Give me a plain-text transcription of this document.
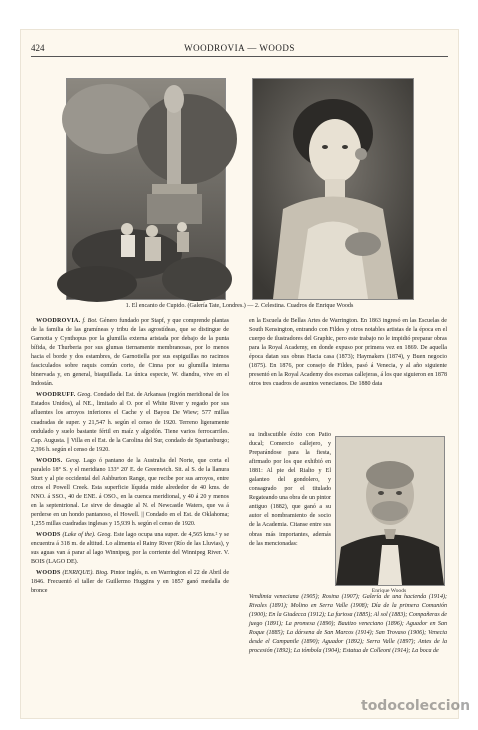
424	WOODROVIA — WOODS
1. El encanto de Cupido. (Galería Tate, Londres.) — 2. Celestina. Cuadros de Enrique Woods

WOODROVIA. f. Bot. Género fundado por Stapf, y que comprende plantas de la familia de las gramíneas y tribu de las agrostídeas, que se distingue de Garnotia y Cynthopus por la glumilla externa aristada por debajo de la punta bífida, de Thurberia por sus glumas tiernamente membranosas, por lo menos hacia el borde y dos estambres, de Garnotiella por sus espiguillas no racimos fasciculados sobre raquis común corto, de Cinna por su glumilla interna binervada y, en general, biaquillada. La única especie, W. diandra, vive en el Indostán.

WOODRUFF. Geog. Condado del Est. de Arkansas (región meridional de los Estados Unidos), al NE., limitado al O. por el White River y regado por sus afluentes los arroyos inferiores el Cache y el Bayou De Wiew; 577 millas cuadradas de super. y 21,547 h. según el censo de 1920. Terreno ligeramente ondulado y suelo bastante fértil en maíz y algodón. Tiene varios ferrocarriles. Cap. Augusta. || Villa en el Est. de la Carolina del Sur, condado de Spartanburgo; 2,396 h. según el censo de 1920.

WOODS. Geog. Lago ó pantano de la Australia del Norte, que corta el paralelo 18° S. y el meridiano 133° 20' E. de Greenwich. Sit. al S. de la llanura Sturt y al pie occidental del Ashburton Range, que recibe por sus arroyos, entre otros el Powell Creek. Esta superficie líquida mide alrededor de 40 kms. de NNO. á SSO., 40 de ENE. á OSO., en la cuenca meridional, y 40 á 20 y menos en la septentrional. Le sirve de desagüe al N. el Newcastle Waters, que va á perderse en un hondo pantanoso, el Howell. || Condado en el Est. de Oklahoma; 1,255 millas cuadradas inglesas y 15,939 h. según el censo de 1920.

WOODS (Lake of the). Geog. Este lago ocupa una super. de 4,565 kms.² y se encuentra á 318 m. de altitud. Lo alimenta el Rainy River (Río de las Lluvias), y sus aguas van á parar al lago Winnipeg, por la corriente del Winnipeg River. V. BOIS (LAGO DE).

WOODS (ENRIQUE). Biog. Pintor inglés, n. en Warrington el 22 de Abril de 1846. Frecuentó el taller de Guillermo Huggins y en 1857 ganó medalla de bronce

en la Escuela de Bellas Artes de Warrington. En 1863 ingresó en las Escuelas de South Kensington, entrando con Fildes y otros notables artistas de la época en el cuerpo de ilustradores del Graphic, pero este trabajo no le impidió preparar obras para la Royal Academy, en donde expuso por primera vez en 1869. De aquella época datan sus obras Hacia casa (1873); Haymakers (1874), y Buen negocio (1875). En 1876, por consejo de Fildes, pasó á Venecia, y al año siguiente presentó en la Royal Academy dos escenas callejeras, á los que siguieron en 1878 otros tres cuadros de asuntos venecianos. De 1880 data
su indiscutible éxito con Patio ducal; Comercio callejero, y Preparándose para la fiesta, afirmado por los que exhibió en 1881: Al pie del Rialto y El galanteo del gondolero, y consagrado por el titulado Regateando una obra de un pintor antiguo (1882), que ganó a su autor el nombramiento de socio de la Academia. Citanse entre sus obras más importantes, además de las mencionadas:
Enrique Woods
Vendimia veneciana (1905); Rosina (1907); Galería de una hacienda (1914); Rivales (1891); Molino en Serra Valle (1908); Día de la primera Comunión (1900); En la Giudecca (1912); La furiosa (1885); Al sol (1883); Compañeras de juego (1891); La promesa (1890); Bautizo veneciano (1896); Aguador en San Roque (1885); La dársena de San Marcos (1914); San Trovaso (1906); Venecia desde el Campanile (1890); Aguador (1892); Serra Valle (1897); Antes de la procesión (1892); La tómbola (1904); Estatua de Colleoni (1914); La boca de
todocoleccion
